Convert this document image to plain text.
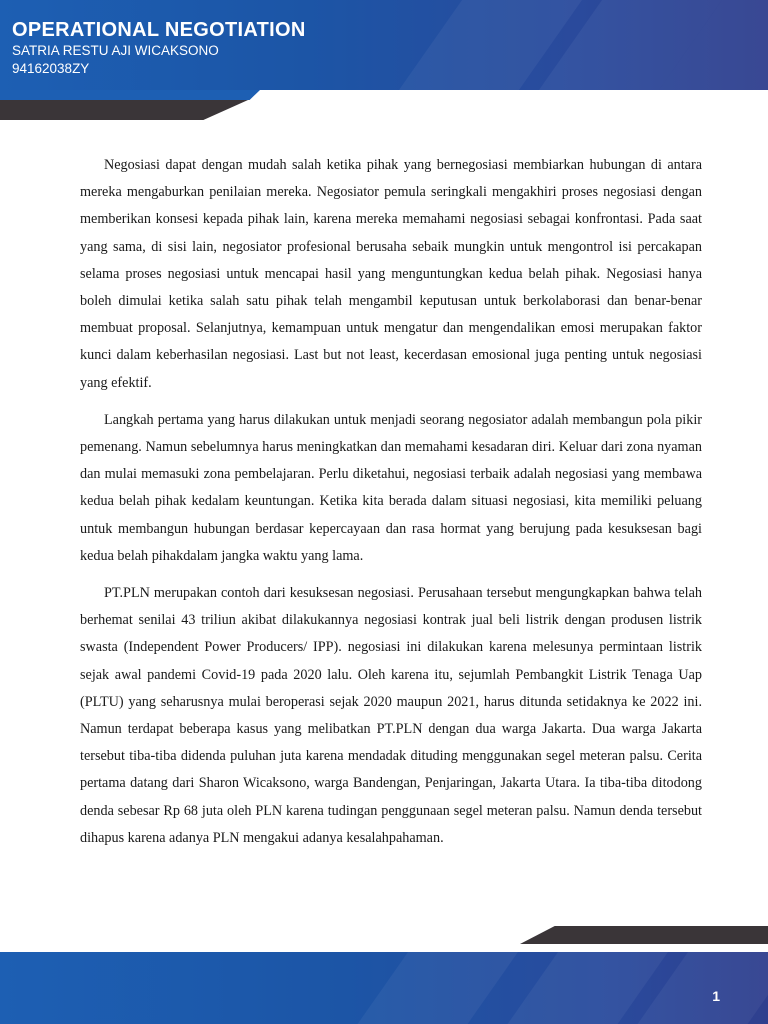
OPERATIONAL NEGOTIATION
SATRIA RESTU AJI WICAKSONO
94162038ZY

Negosiasi dapat dengan mudah salah ketika pihak yang bernegosiasi membiarkan hubungan di antara mereka mengaburkan penilaian mereka. Negosiator pemula seringkali mengakhiri proses negosiasi dengan memberikan konsesi kepada pihak lain, karena mereka memahami negosiasi sebagai konfrontasi. Pada saat yang sama, di sisi lain, negosiator profesional berusaha sebaik mungkin untuk mengontrol isi percakapan selama proses negosiasi untuk mencapai hasil yang menguntungkan kedua belah pihak. Negosiasi hanya boleh dimulai ketika salah satu pihak telah mengambil keputusan untuk berkolaborasi dan benar-benar membuat proposal. Selanjutnya, kemampuan untuk mengatur dan mengendalikan emosi merupakan faktor kunci dalam keberhasilan negosiasi. Last but not least, kecerdasan emosional juga penting untuk negosiasi yang efektif.

Langkah pertama yang harus dilakukan untuk menjadi seorang negosiator adalah membangun pola pikir pemenang. Namun sebelumnya harus meningkatkan dan memahami kesadaran diri. Keluar dari zona nyaman dan mulai memasuki zona pembelajaran. Perlu diketahui, negosiasi terbaik adalah negosiasi yang membawa kedua belah pihak kedalam keuntungan. Ketika kita berada dalam situasi negosiasi, kita memiliki peluang untuk membangun hubungan berdasar kepercayaan dan rasa hormat yang berujung pada kesuksesan bagi kedua belah pihakdalam jangka waktu yang lama.

PT.PLN merupakan contoh dari kesuksesan negosiasi. Perusahaan tersebut mengungkapkan bahwa telah berhemat senilai 43 triliun akibat dilakukannya negosiasi kontrak jual beli listrik dengan produsen listrik swasta (Independent Power Producers/ IPP). negosiasi ini dilakukan karena melesunya permintaan listrik sejak awal pandemi Covid-19 pada 2020 lalu. Oleh karena itu, sejumlah Pembangkit Listrik Tenaga Uap (PLTU) yang seharusnya mulai beroperasi sejak 2020 maupun 2021, harus ditunda setidaknya ke 2022 ini. Namun terdapat beberapa kasus yang melibatkan PT.PLN dengan dua warga Jakarta. Dua warga Jakarta tersebut tiba-tiba didenda puluhan juta karena mendadak dituding menggunakan segel meteran palsu. Cerita pertama datang dari Sharon Wicaksono, warga Bandengan, Penjaringan, Jakarta Utara. Ia tiba-tiba ditodong denda sebesar Rp 68 juta oleh PLN karena tudingan penggunaan segel meteran palsu. Namun denda tersebut dihapus karena adanya PLN mengakui adanya kesalahpahaman.

1
